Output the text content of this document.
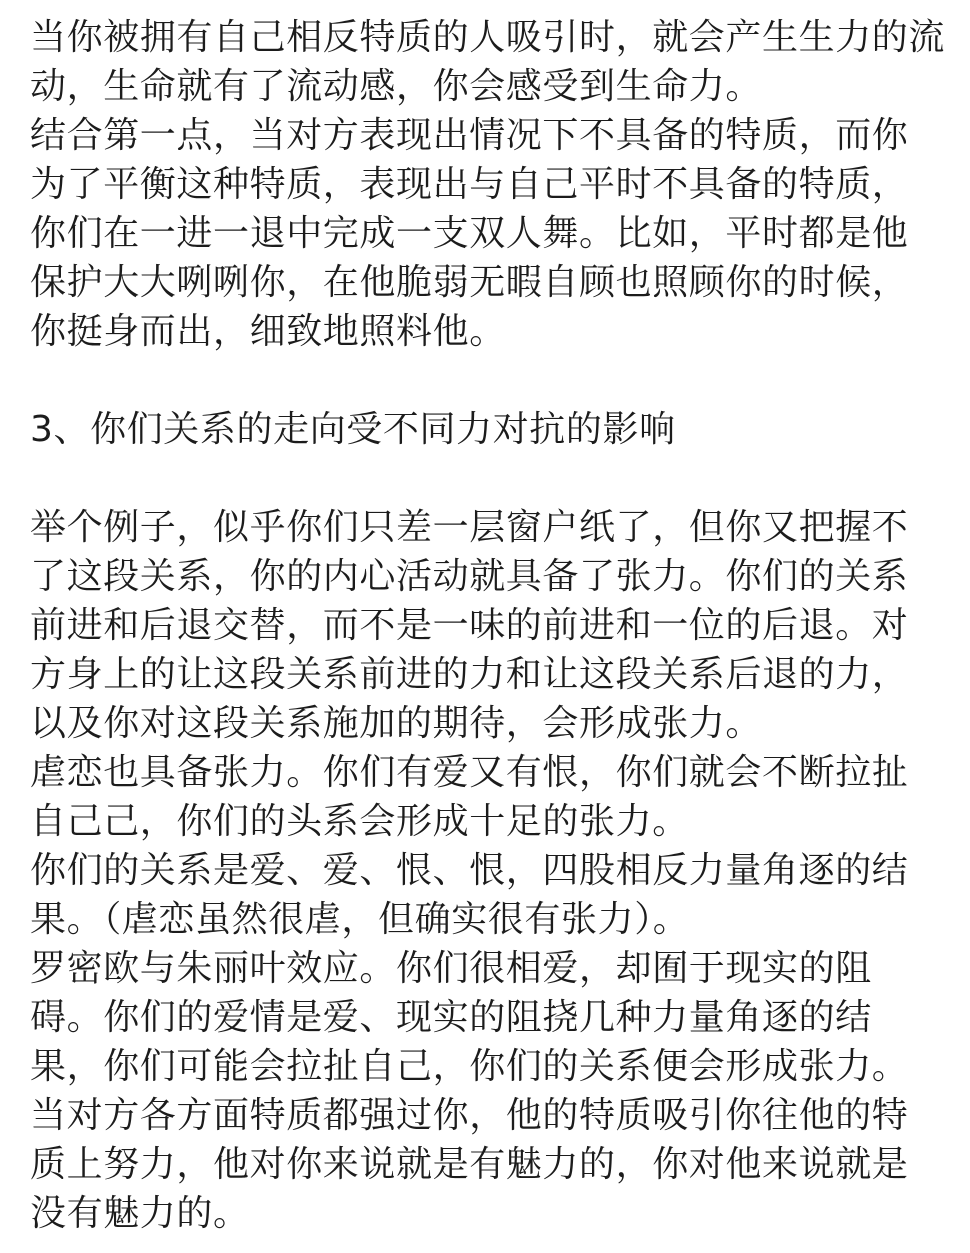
当你被拥有自己相反特质的人吸引时，就会产生生力的流
动，生命就有了流动感，你会感受到生命力。
结合第一点，当对方表现出情况下不具备的特质，而你
为了平衡这种特质，表现出与自己平时不具备的特质，
你们在一进一退中完成一支双人舞。比如，平时都是他
保护大大咧咧你，在他脆弱无暇自顾也照顾你的时候，
你挺身而出，细致地照料他。
3、你们关系的走向受不同力对抗的影响
举个例子，似乎你们只差一层窗户纸了，但你又把握不
了这段关系，你的内心活动就具备了张力。你们的关系
前进和后退交替，而不是一味的前进和一位的后退。对
方身上的让这段关系前进的力和让这段关系后退的力，
以及你对这段关系施加的期待，会形成张力。
虐恋也具备张力。你们有爱又有恨，你们就会不断拉扯
自己己，你们的头系会形成十足的张力。
你们的关系是爱、爱、恨、恨，四股相反力量角逐的结
果。（虐恋虽然很虐，但确实很有张力）。
罗密欧与朱丽叶效应。你们很相爱，却囿于现实的阻
碍。你们的爱情是爱、现实的阻挠几种力量角逐的结
果，你们可能会拉扯自己，你们的关系便会形成张力。
当对方各方面特质都强过你，他的特质吸引你往他的特
质上努力，他对你来说就是有魅力的，你对他来说就是
没有魅力的。
